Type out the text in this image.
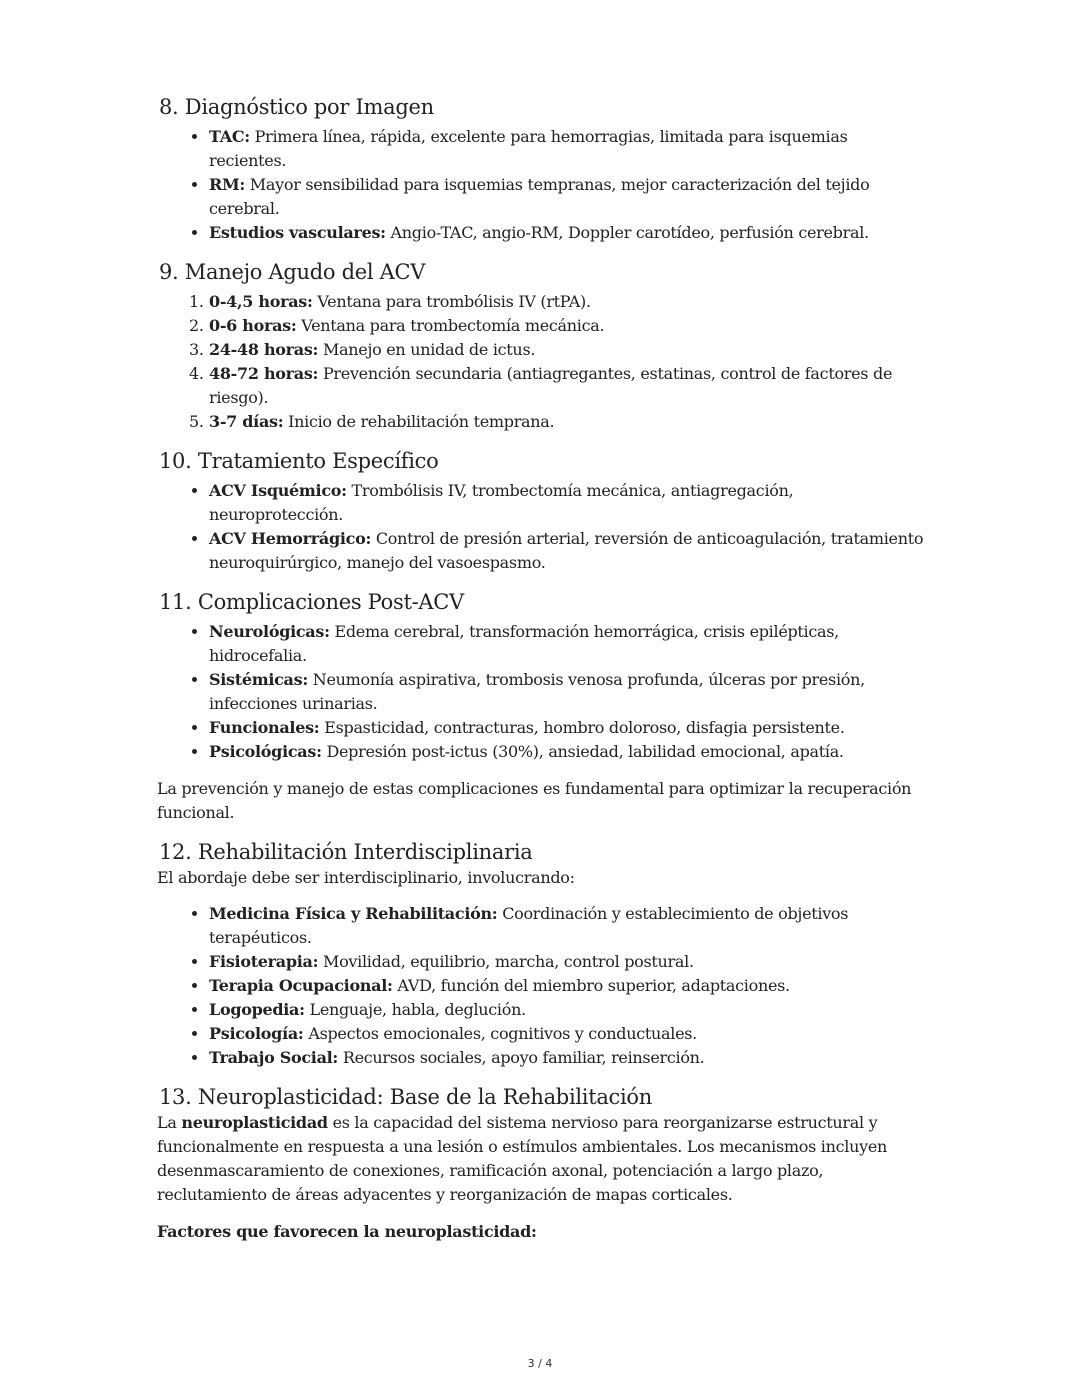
8. Diagnóstico por Imagen
• TAC: Primera línea, rápida, excelente para hemorragias, limitada para isquemias recientes.
• RM: Mayor sensibilidad para isquemias tempranas, mejor caracterización del tejido cerebral.
• Estudios vasculares: Angio-TAC, angio-RM, Doppler carotídeo, perfusión cerebral.
9. Manejo Agudo del ACV
1. 0-4,5 horas: Ventana para trombólisis IV (rtPA).
2. 0-6 horas: Ventana para trombectomía mecánica.
3. 24-48 horas: Manejo en unidad de ictus.
4. 48-72 horas: Prevención secundaria (antiagregantes, estatinas, control de factores de riesgo).
5. 3-7 días: Inicio de rehabilitación temprana.
10. Tratamiento Específico
• ACV Isquémico: Trombólisis IV, trombectomía mecánica, antiagregación, neuroprotección.
• ACV Hemorrágico: Control de presión arterial, reversión de anticoagulación, tratamiento neuroquirúrgico, manejo del vasoespasmo.
11. Complicaciones Post-ACV
• Neurológicas: Edema cerebral, transformación hemorrágica, crisis epilépticas, hidrocefalia.
• Sistémicas: Neumonía aspirativa, trombosis venosa profunda, úlceras por presión, infecciones urinarias.
• Funcionales: Espasticidad, contracturas, hombro doloroso, disfagia persistente.
• Psicológicas: Depresión post-ictus (30%), ansiedad, labilidad emocional, apatía.

La prevención y manejo de estas complicaciones es fundamental para optimizar la recuperación funcional.

12. Rehabilitación Interdisciplinaria

El abordaje debe ser interdisciplinario, involucrando:

• Medicina Física y Rehabilitación: Coordinación y establecimiento de objetivos terapéuticos.
• Fisioterapia: Movilidad, equilibrio, marcha, control postural.
• Terapia Ocupacional: AVD, función del miembro superior, adaptaciones.
• Logopedia: Lenguaje, habla, deglución.
• Psicología: Aspectos emocionales, cognitivos y conductuales.
• Trabajo Social: Recursos sociales, apoyo familiar, reinserción.
13. Neuroplasticidad: Base de la Rehabilitación

La neuroplasticidad es la capacidad del sistema nervioso para reorganizarse estructural y funcionalmente en respuesta a una lesión o estímulos ambientales. Los mecanismos incluyen desenmascaramiento de conexiones, ramificación axonal, potenciación a largo plazo, reclutamiento de áreas adyacentes y reorganización de mapas corticales.

Factores que favorecen la neuroplasticidad:

3 / 4
